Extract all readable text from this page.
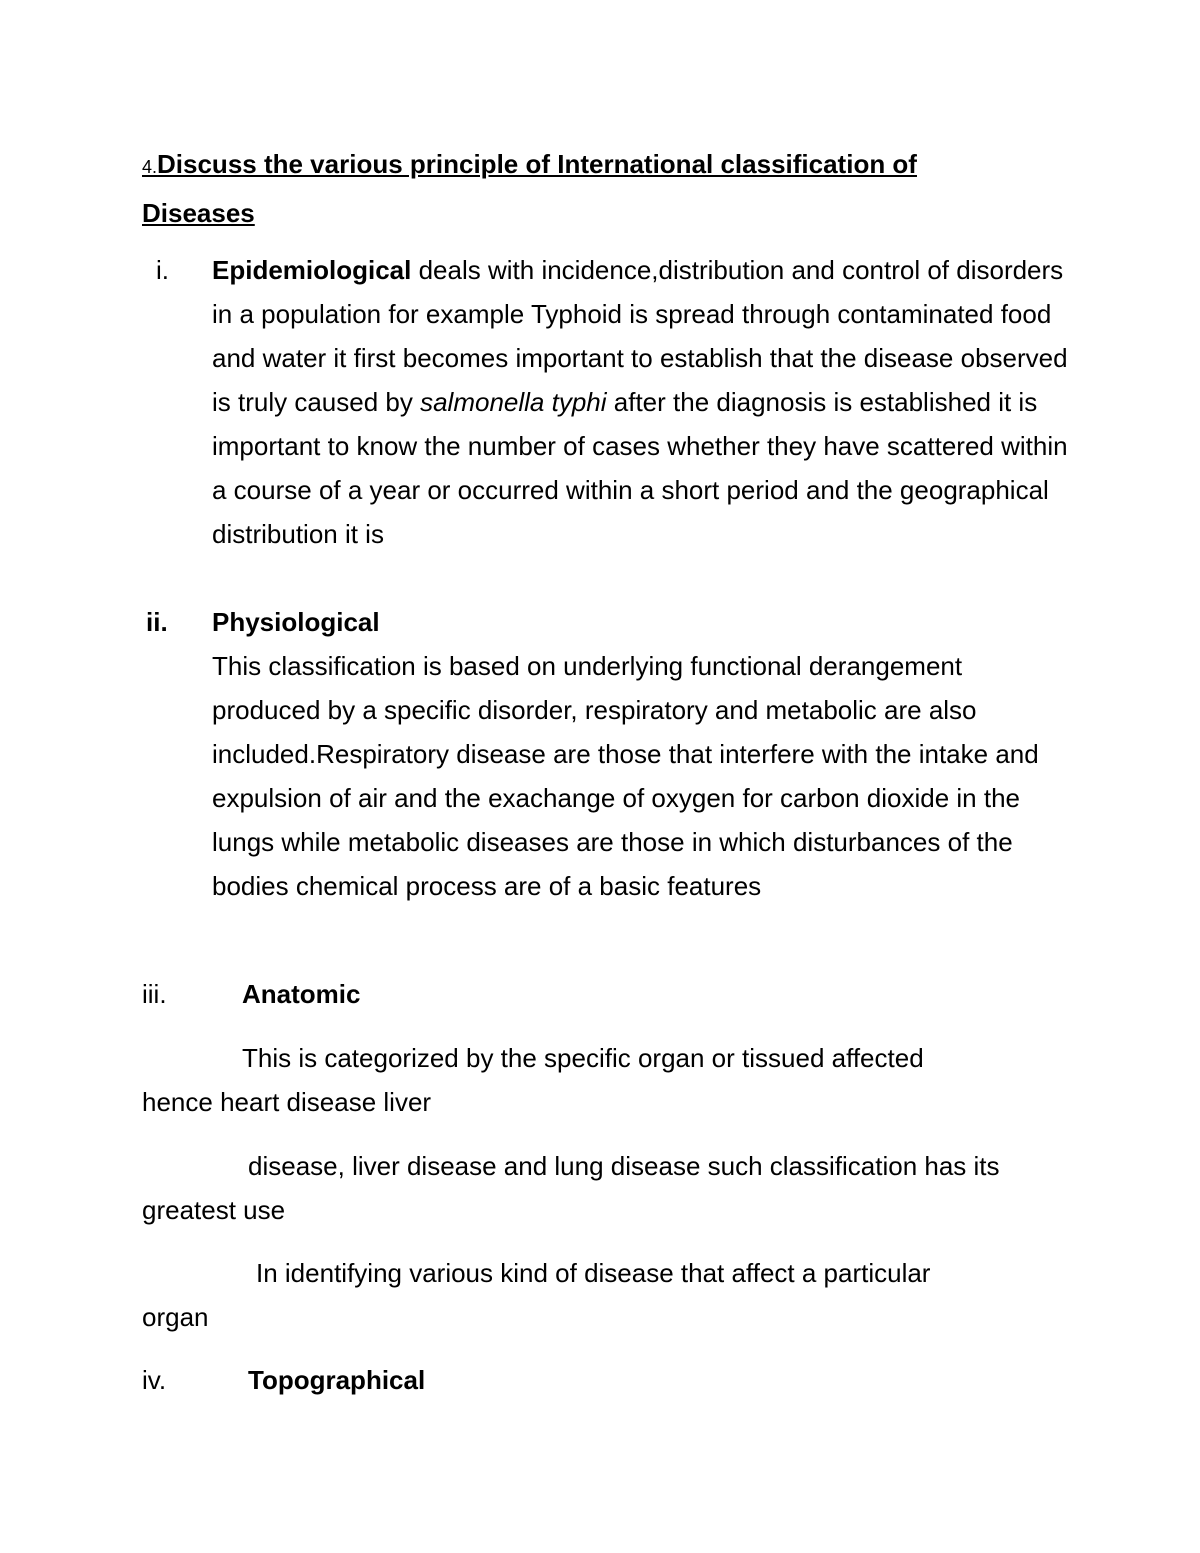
4.Discuss the various principle of International classification of Diseases
i. Epidemiological deals with incidence,distribution and control of disorders in a population for example Typhoid is spread through contaminated food and water it first becomes important to establish that the disease observed is truly caused by salmonella typhi after the diagnosis is established it is important to know the number of cases whether they have scattered within a course of a year or occurred within a short period and the geographical distribution it is
ii. Physiological
This classification is based on underlying functional derangement produced by a specific disorder, respiratory and metabolic are also included.Respiratory disease are those that interfere with the intake and expulsion of air and the exachange of oxygen for carbon dioxide in the lungs while metabolic diseases are those in which disturbances of the bodies chemical process are of a basic features
iii.	Anatomic
This is categorized by the specific organ or tissued affected
hence heart disease liver
disease, liver disease and lung disease such classification has its
greatest use
In identifying various kind of disease that affect a particular
organ
iv.	Topographical
